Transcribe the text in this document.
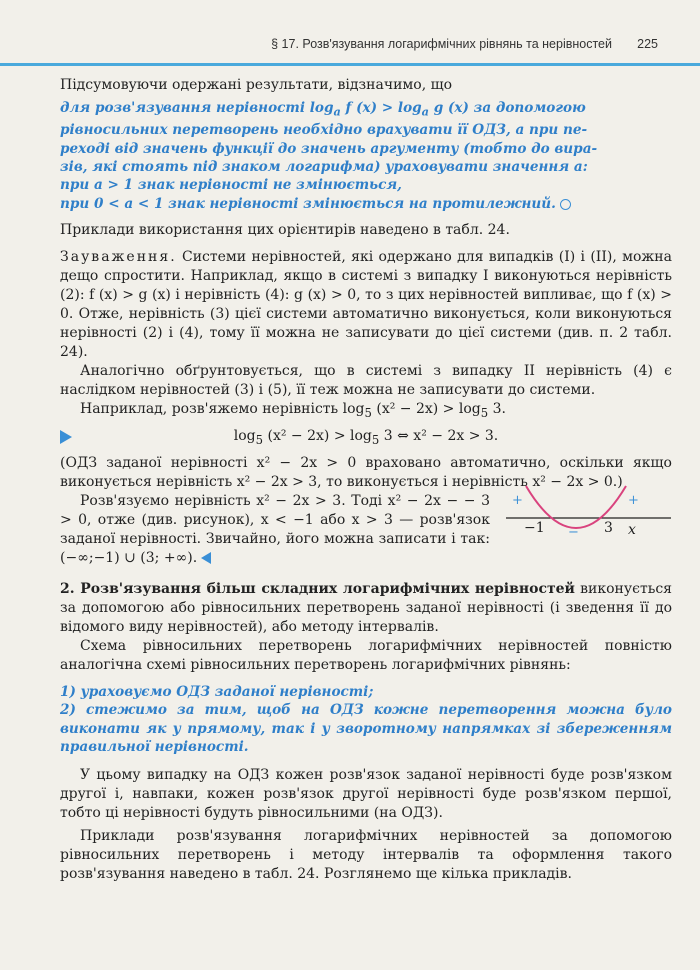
§ 17. Розв'язування логарифмічних рівнянь та нерівностей 225

Підсумовуючи одержані результати, відзначимо, що

для розв'язування нерівності $\log_a f$ $(x) > \log_a g$ (x) за допомогою
рівносильних перетворень необхідно врахувати її ОДЗ, а при пе-
реході від значень функції до значень аргументу (тобто до вира-
зів, які стоять під знаком логарифма) ураховувати значення a:
при a > 1 знак нерівності не змінюється,
при 0 < a < 1 знак нерівності змінюється на протилежний.

Приклади використання цих орієнтирів наведено в табл. 24.

Зауваження. Системи нерівностей, які одержано для випадків (I) і (II), можна дещо спростити. Наприклад, якщо в системі з випадку I виконуються нерівність (2): f (x) > g (x) і нерівність (4): g (x) > 0, то з цих нерівностей випливає, що f (x) > 0. Отже, нерівність (3) цієї системи автоматично виконується, коли виконуються нерівності (2) і (4), тому її можна не записувати до цієї системи (див. п. 2 табл. 24).

Аналогічно обґрунтовується, що в системі з випадку II нерівність (4) є наслідком нерівностей (3) і (5), її теж можна не записувати до системи.

Наприклад, розв'яжемо нерівність $\log_5 (x^2 - 2x) > \log_5 3$.

$\log_5 (x^2 - 2x) > \log_5 3$ ⇔ x² − 2x > 3.

(ОДЗ заданої нерівності x² − 2x > 0 враховано автоматично, оскільки якщо виконується нерівність x² − 2x > 3, то виконується і нерівність x² − 2x > 0.)

Розв'язуємо нерівність x² − 2x > 3. Тоді x² − 2x − − 3 > 0, отже (див. рисунок), x < −1 або x > 3 — розв'язок заданої нерівності. Звичайно, його можна записати і так: (−∞;−1) ∪ (3; +∞).

+	+
−
−1	3 x

2. Розв'язування більш складних логарифмічних нерівностей виконується за допомогою або рівносильних перетворень заданої нерівності (і зведення її до відомого виду нерівностей), або методу інтервалів.

Схема рівносильних перетворень логарифмічних нерівностей повністю аналогічна схемі рівносильних перетворень логарифмічних рівнянь:

1) ураховуємо ОДЗ заданої нерівності;
2) стежимо за тим, щоб на ОДЗ кожне перетворення можна було виконати як у прямому, так і у зворотному напрямках зі збереженням правильної нерівності.

У цьому випадку на ОДЗ кожен розв'язок заданої нерівності буде розв'язком другої і, навпаки, кожен розв'язок другої нерівності буде розв'язком першої, тобто ці нерівності будуть рівносильними (на ОДЗ).

Приклади розв'язування логарифмічних нерівностей за допомогою рівносильних перетворень і методу інтервалів та оформлення такого розв'язування наведено в табл. 24. Розглянемо ще кілька прикладів.
